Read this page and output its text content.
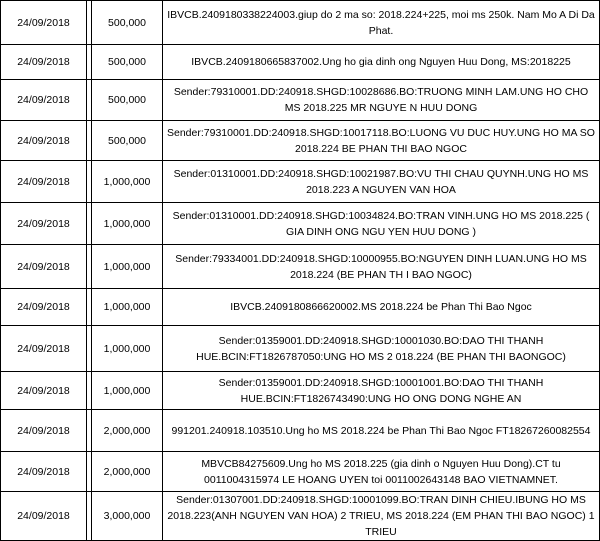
24/09/2018		500,000	IBVCB.2409180338224003.giup do 2 ma so: 2018.224+225, moi ms 250k. Nam Mo A Di Da Phat.
24/09/2018		500,000	IBVCB.2409180665837002.Ung ho gia dinh ong Nguyen Huu Dong, MS:2018225
24/09/2018		500,000	Sender:79310001.DD:240918.SHGD:10028686.BO:TRUONG MINH LAM.UNG HO CHO MS 2018.225 MR NGUYE N HUU DONG
24/09/2018		500,000	Sender:79310001.DD:240918.SHGD:10017118.BO:LUONG VU DUC HUY.UNG HO MA SO 2018.224 BE PHAN THI BAO NGOC
24/09/2018		1,000,000	Sender:01310001.DD:240918.SHGD:10021987.BO:VU THI CHAU QUYNH.UNG HO MS 2018.223 A NGUYEN VAN HOA
24/09/2018		1,000,000	Sender:01310001.DD:240918.SHGD:10034824.BO:TRAN VINH.UNG HO MS 2018.225 ( GIA DINH ONG NGU YEN HUU DONG )
24/09/2018		1,000,000	Sender:79334001.DD:240918.SHGD:10000955.BO:NGUYEN DINH LUAN.UNG HO MS 2018.224 (BE PHAN TH I BAO NGOC)
24/09/2018		1,000,000	IBVCB.2409180866620002.MS 2018.224 be Phan Thi Bao Ngoc
24/09/2018		1,000,000	Sender:01359001.DD:240918.SHGD:10001030.BO:DAO THI THANH HUE.BCIN:FT1826787050:UNG HO MS 2 018.224 (BE PHAN THI BAONGOC)
24/09/2018		1,000,000	Sender:01359001.DD:240918.SHGD:10001001.BO:DAO THI THANH HUE.BCIN:FT1826743490:UNG HO ONG DONG NGHE AN
24/09/2018		2,000,000	991201.240918.103510.Ung ho MS 2018.224 be Phan Thi Bao Ngoc FT18267260082554
24/09/2018		2,000,000	MBVCB84275609.Ung ho MS 2018.225 (gia dinh o Nguyen Huu Dong).CT tu 0011004315974 LE HOANG UYEN toi 0011002643148 BAO VIETNAMNET.
24/09/2018		3,000,000	Sender:01307001.DD:240918.SHGD:10001099.BO:TRAN DINH CHIEU.IBUNG HO MS 2018.223(ANH NGUYEN VAN HOA) 2 TRIEU, MS 2018.224 (EM PHAN THI BAO NGOC) 1 TRIEU
